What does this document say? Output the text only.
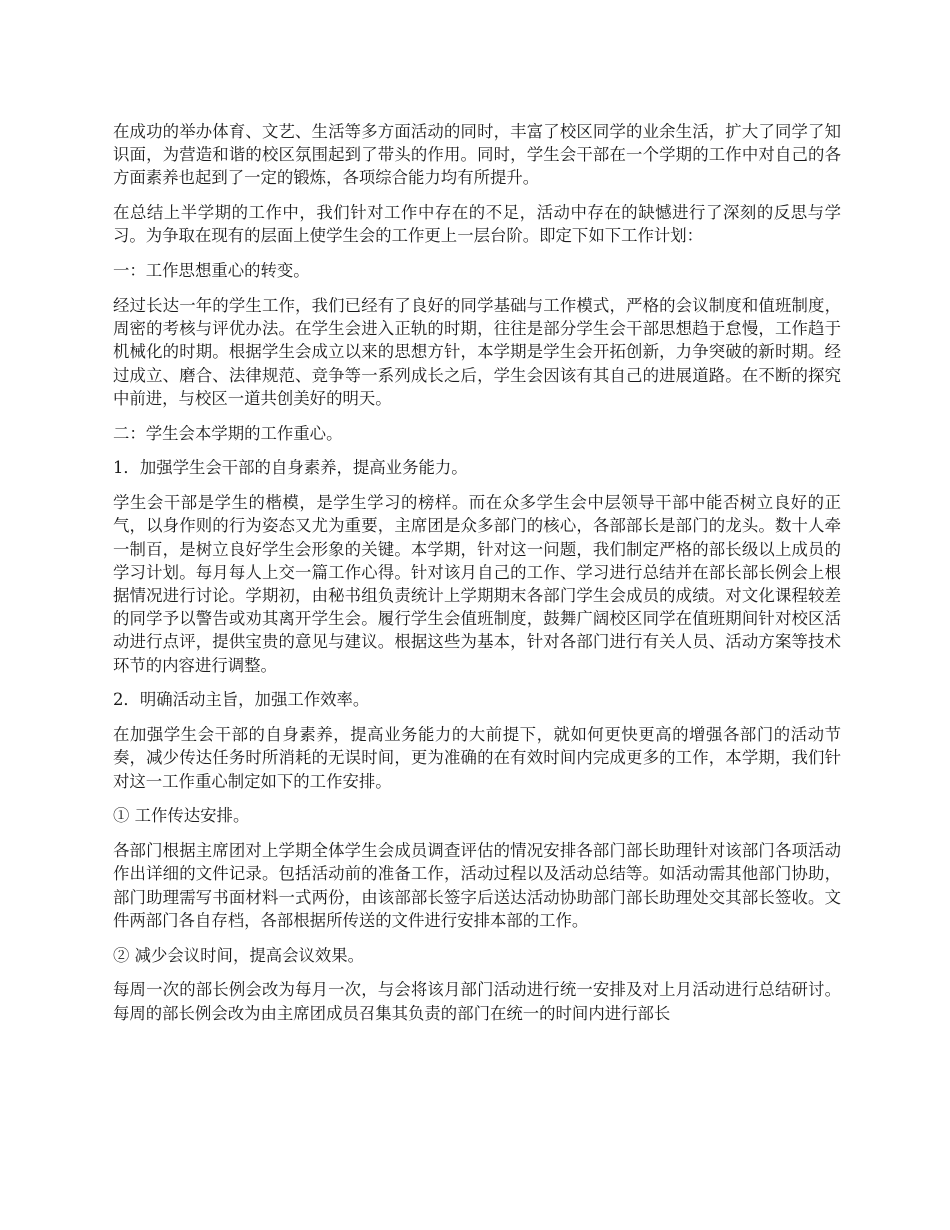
在成功的举办体育、文艺、生活等多方面活动的同时，丰富了校区同学的业余生活，扩大了同学了知识面，为营造和谐的校区氛围起到了带头的作用。同时，学生会干部在一个学期的工作中对自己的各方面素养也起到了一定的锻炼，各项综合能力均有所提升。

在总结上半学期的工作中，我们针对工作中存在的不足，活动中存在的缺憾进行了深刻的反思与学习。为争取在现有的层面上使学生会的工作更上一层台阶。即定下如下工作计划：

一：工作思想重心的转变。

经过长达一年的学生工作，我们已经有了良好的同学基础与工作模式，严格的会议制度和值班制度，周密的考核与评优办法。在学生会进入正轨的时期，往往是部分学生会干部思想趋于怠慢，工作趋于机械化的时期。根据学生会成立以来的思想方针，本学期是学生会开拓创新，力争突破的新时期。经过成立、磨合、法律规范、竞争等一系列成长之后，学生会因该有其自己的进展道路。在不断的探究中前进，与校区一道共创美好的明天。

二：学生会本学期的工作重心。

1．加强学生会干部的自身素养，提高业务能力。

学生会干部是学生的楷模，是学生学习的榜样。而在众多学生会中层领导干部中能否树立良好的正气，以身作则的行为姿态又尤为重要，主席团是众多部门的核心，各部部长是部门的龙头。数十人牵一制百，是树立良好学生会形象的关键。本学期，针对这一问题，我们制定严格的部长级以上成员的学习计划。每月每人上交一篇工作心得。针对该月自己的工作、学习进行总结并在部长部长例会上根据情况进行讨论。学期初，由秘书组负责统计上学期期末各部门学生会成员的成绩。对文化课程较差的同学予以警告或劝其离开学生会。履行学生会值班制度，鼓舞广阔校区同学在值班期间针对校区活动进行点评，提供宝贵的意见与建议。根据这些为基本，针对各部门进行有关人员、活动方案等技术环节的内容进行调整。

2．明确活动主旨，加强工作效率。

在加强学生会干部的自身素养，提高业务能力的大前提下，就如何更快更高的增强各部门的活动节奏，减少传达任务时所消耗的无误时间，更为准确的在有效时间内完成更多的工作，本学期，我们针对这一工作重心制定如下的工作安排。

① 工作传达安排。

各部门根据主席团对上学期全体学生会成员调查评估的情况安排各部门部长助理针对该部门各项活动作出详细的文件记录。包括活动前的准备工作，活动过程以及活动总结等。如活动需其他部门协助，部门助理需写书面材料一式两份，由该部部长签字后送达活动协助部门部长助理处交其部长签收。文件两部门各自存档，各部根据所传送的文件进行安排本部的工作。

② 减少会议时间，提高会议效果。

每周一次的部长例会改为每月一次，与会将该月部门活动进行统一安排及对上月活动进行总结研讨。每周的部长例会改为由主席团成员召集其负责的部门在统一的时间内进行部长
